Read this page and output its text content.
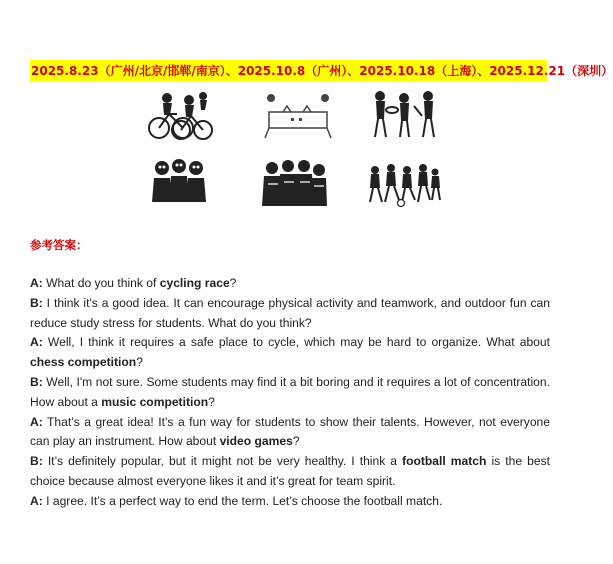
2025.8.23（广州/北京/邯郸/南京）、2025.10.8（广州）、2025.10.18（上海）、2025.12.21（深圳）
参考答案：
A: What do you think of cycling race?
B: I think it's a good idea. It can encourage physical activity and teamwork, and outdoor fun can reduce study stress for students. What do you think?
A: Well, I think it requires a safe place to cycle, which may be hard to organize. What about chess competition?
B: Well, I'm not sure. Some students may find it a bit boring and it requires a lot of concentration. How about a music competition?
A: That’s a great idea! It’s a fun way for students to show their talents. However, not everyone can play an instrument. How about video games?
B: It’s definitely popular, but it might not be very healthy. I think a football match is the best choice because almost everyone likes it and it’s great for team spirit.
A: I agree. It’s a perfect way to end the term. Let’s choose the football match.
